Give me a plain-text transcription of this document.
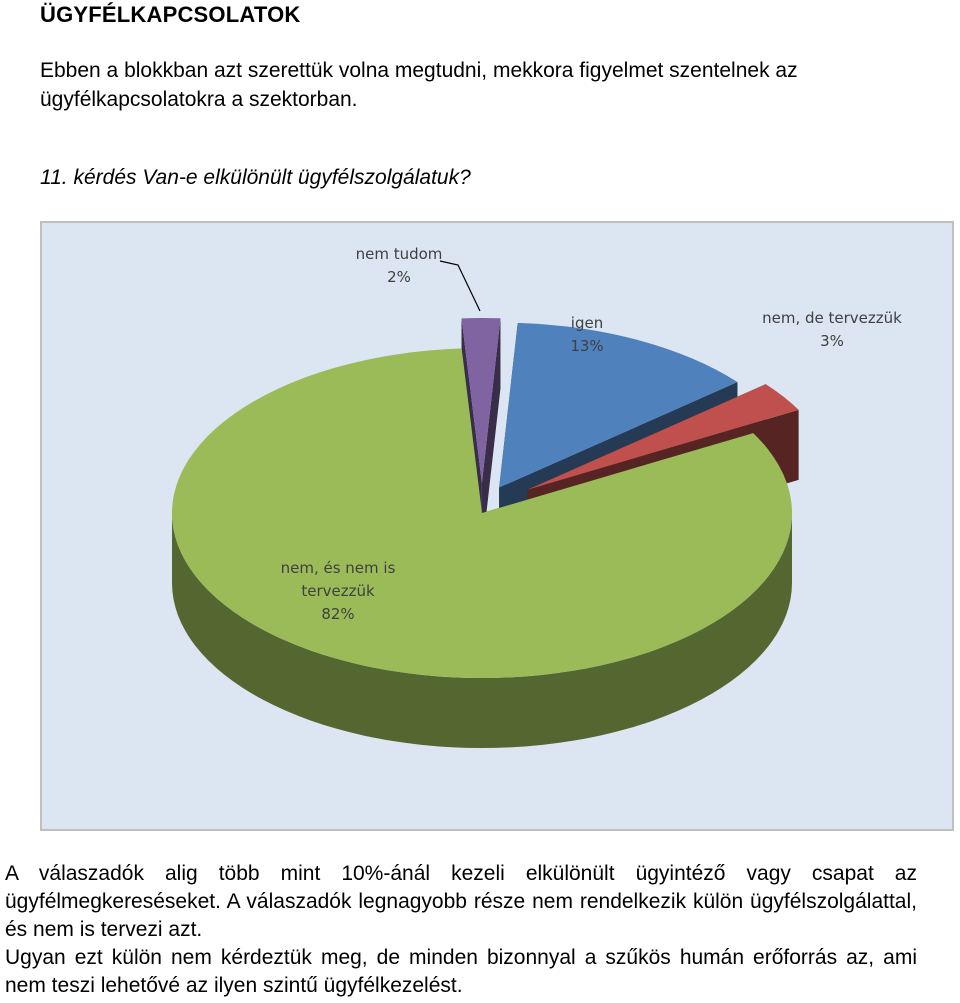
ÜGYFÉLKAPCSOLATOK
Ebben a blokkban azt szerettük volna megtudni, mekkora figyelmet szentelnek az ügyfélkapcsolatokra a szektorban.
11. kérdés Van-e elkülönült ügyfélszolgálatuk?
igen 13%
nem, de tervezzük 3%
nem, és nem is tervezzük 82%
nem tudom 2%

A válaszadók alig több mint 10%-ánál kezeli elkülönült ügyintéző vagy csapat az ügyfélmegkereséseket. A válaszadók legnagyobb része nem rendelkezik külön ügyfélszolgálattal, és nem is tervezi azt.

Ugyan ezt külön nem kérdeztük meg, de minden bizonnyal a szűkös humán erőforrás az, ami nem teszi lehetővé az ilyen szintű ügyfélkezelést.
